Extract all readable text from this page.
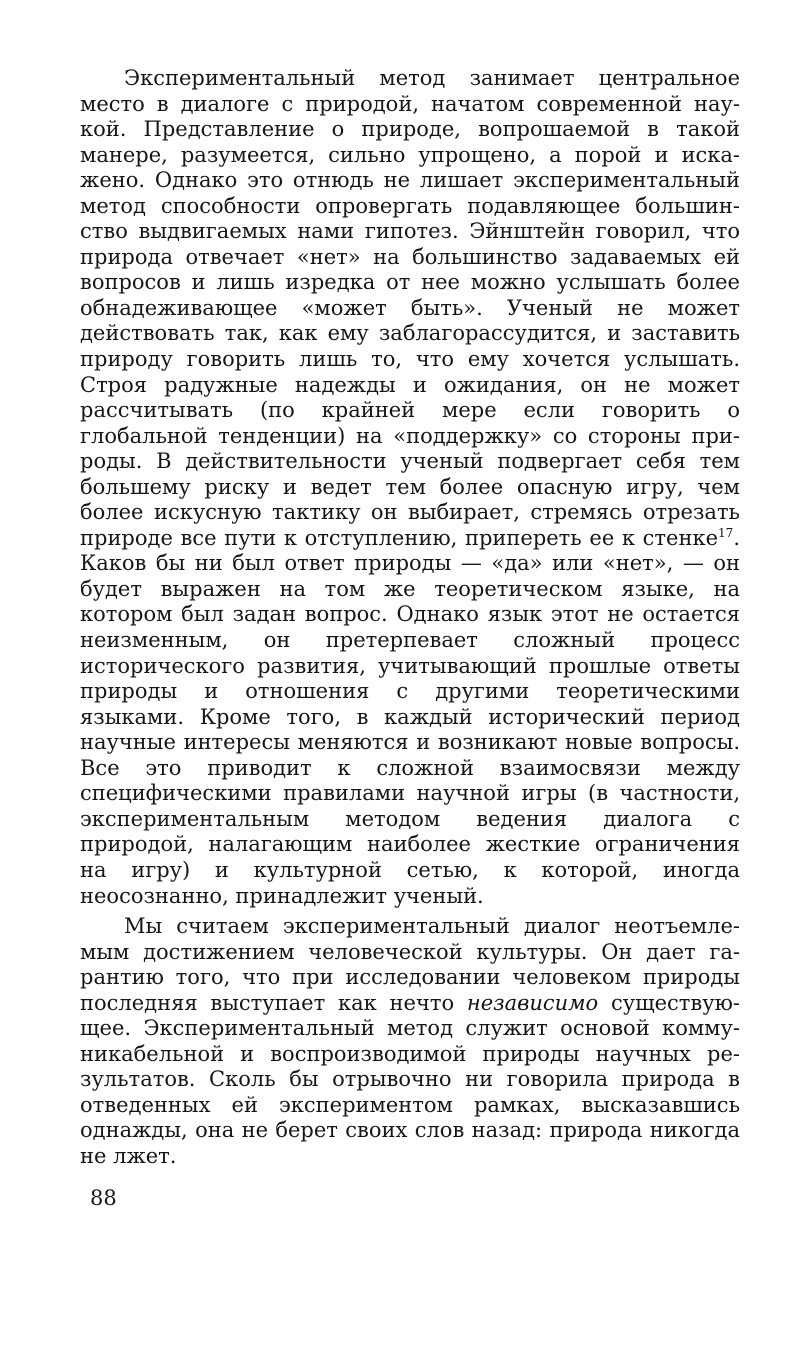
Экспериментальный метод занимает центральное место в диалоге с природой, начатом современной наукой. Представление о природе, вопрошаемой в такой манере, разумеется, сильно упрощено, а порой и искажено. Однако это отнюдь не лишает экспериментальный метод способности опровергать подавляющее большинство выдвигаемых нами гипотез. Эйнштейн говорил, что природа отвечает «нет» на большинство задаваемых ей вопросов и лишь изредка от нее можно услышать более обнадеживающее «может быть». Ученый не может действовать так, как ему заблагорассудится, и заставить природу говорить лишь то, что ему хочется услышать. Строя радужные надежды и ожидания, он не может рассчитывать (по крайней мере если говорить о глобальной тенденции) на «поддержку» со стороны природы. В действительности ученый подвергает себя тем большему риску и ведет тем более опасную игру, чем более искусную тактику он выбирает, стремясь отрезать природе все пути к отступлению, припереть ее к стенке$^{17}$. Каков бы ни был ответ природы — «да» или «нет», — он будет выражен на том же теоретическом языке, на котором был задан вопрос. Однако язык этот не остается неизменным, он претерпевает сложный процесс исторического развития, учитывающий прошлые ответы природы и отношения с другими теоретическими языками. Кроме того, в каждый исторический период научные интересы меняются и возникают новые вопросы. Все это приводит к сложной взаимосвязи между специфическими правилами научной игры (в частности, экспериментальным методом ведения диалога с природой, налагающим наиболее жесткие ограничения на игру) и культурной сетью, к которой, иногда неосознанно, принадлежит ученый.

Мы считаем экспериментальный диалог неотъемлемым достижением человеческой культуры. Он дает гарантию того, что при исследовании человеком природы последняя выступает как нечто независимо существующее. Экспериментальный метод служит основой коммуникабельной и воспроизводимой природы научных результатов. Сколь бы отрывочно ни говорила природа в отведенных ей экспериментом рамках, высказавшись однажды, она не берет своих слов назад: природа никогда не лжет.

88
